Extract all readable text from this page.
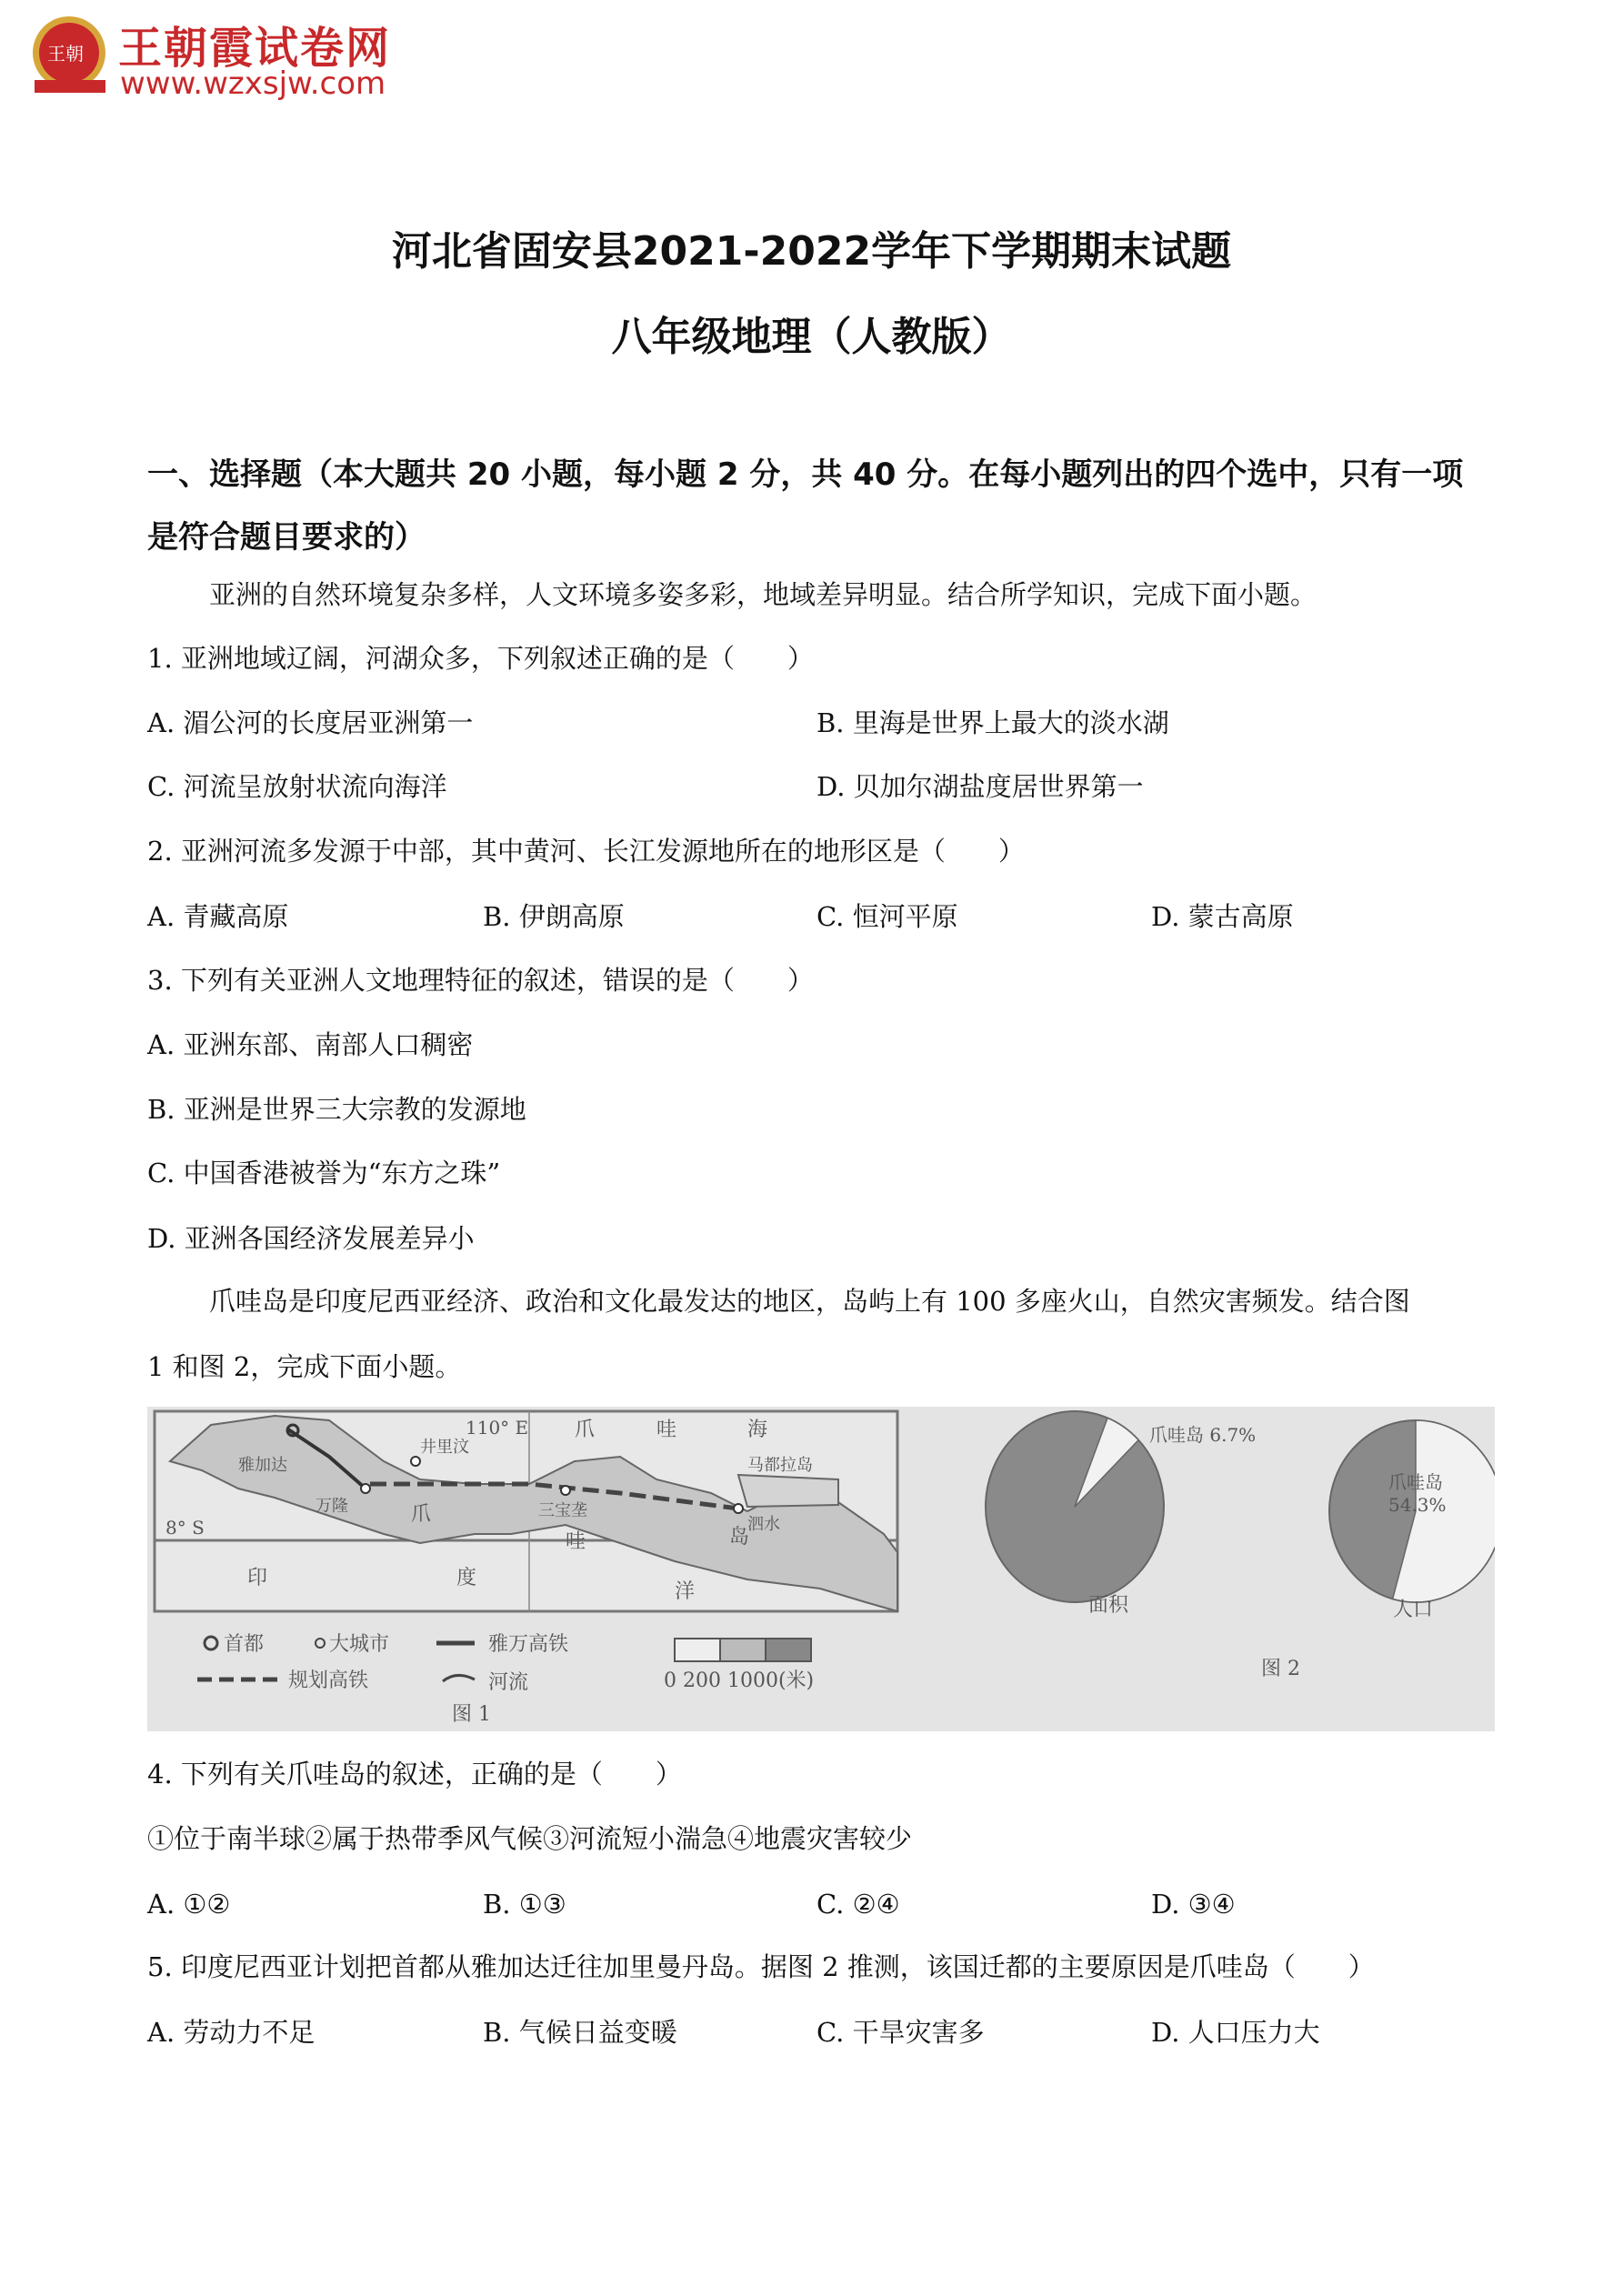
王朝 王朝霞试卷网
www.wzxsjw.com
河北省固安县2021-2022学年下学期期末试题
八年级地理（人教版）
一、选择题（本大题共 20 小题，每小题 2 分，共 40 分。在每小题列出的四个选中，只有一项
是符合题目要求的）
亚洲的自然环境复杂多样，人文环境多姿多彩，地域差异明显。结合所学知识，完成下面小题。
1. 亚洲地域辽阔，河湖众多，下列叙述正确的是（　　）
A. 湄公河的长度居亚洲第一	B. 里海是世界上最大的淡水湖
C. 河流呈放射状流向海洋	D. 贝加尔湖盐度居世界第一
2. 亚洲河流多发源于中部，其中黄河、长江发源地所在的地形区是（　　）
A. 青藏高原	B. 伊朗高原	C. 恒河平原	D. 蒙古高原
3. 下列有关亚洲人文地理特征的叙述，错误的是（　　）
A. 亚洲东部、南部人口稠密
B. 亚洲是世界三大宗教的发源地
C. 中国香港被誉为“东方之珠”
D. 亚洲各国经济发展差异小
爪哇岛是印度尼西亚经济、政治和文化最发达的地区，岛屿上有 100 多座火山，自然灾害频发。结合图
1 和图 2，完成下面小题。
110° E
8° S
爪	哇	海
印	度
洋
爪
哇	岛
雅加达
井里汶
万隆	三宝垄
泗水
马都拉岛
首都	大城市	雅万高铁
规划高铁	河流	0 200 1000(米)
图 1
面积
爪哇岛 6.7%
人口
爪哇岛
54.3%
图 2
4. 下列有关爪哇岛的叙述，正确的是（　　）
①位于南半球②属于热带季风气候③河流短小湍急④地震灾害较少
A. ①②	B. ①③	C. ②④	D. ③④
5. 印度尼西亚计划把首都从雅加达迁往加里曼丹岛。据图 2 推测，该国迁都的主要原因是爪哇岛（　　）
A. 劳动力不足	B. 气候日益变暖	C. 干旱灾害多	D. 人口压力大
